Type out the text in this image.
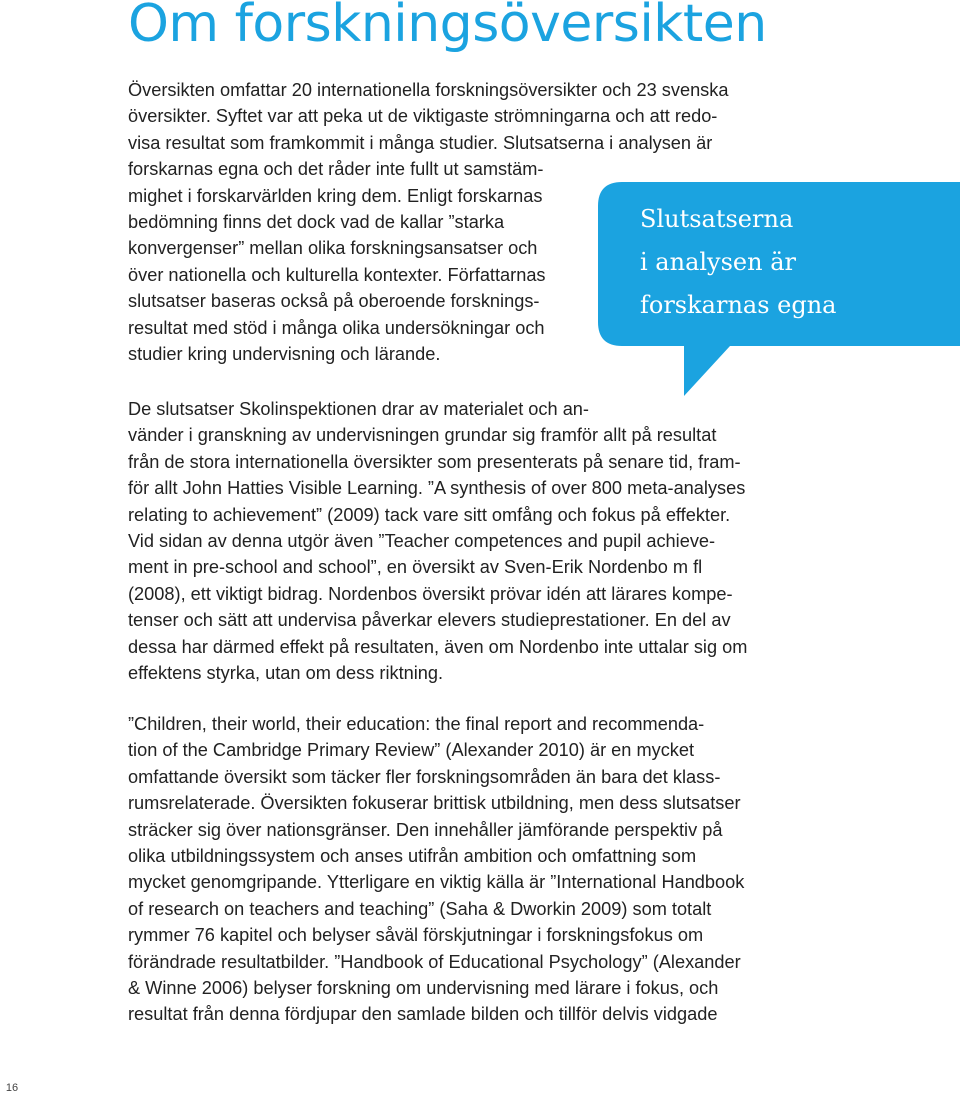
Om forskningsöversikten

Översikten omfattar 20 internationella forskningsöversikter och 23 svenska
översikter. Syftet var att peka ut de viktigaste strömningarna och att redo-
visa resultat som framkommit i många studier. Slutsatserna i analysen är
forskarnas egna och det råder inte fullt ut samstäm-
mighet i forskarvärlden kring dem. Enligt forskarnas
bedömning finns det dock vad de kallar ”starka
konvergenser” mellan olika forskningsansatser och
över nationella och kulturella kontexter. Författarnas
slutsatser baseras också på oberoende forsknings-
resultat med stöd i många olika undersökningar och
studier kring undervisning och lärande.

Slutsatserna
i analysen är
forskarnas egna

De slutsatser Skolinspektionen drar av materialet och an-
vänder i granskning av undervisningen grundar sig framför allt på resultat
från de stora internationella översikter som presenterats på senare tid, fram-
för allt John Hatties Visible Learning. ”A synthesis of over 800 meta-analyses
relating to achievement” (2009) tack vare sitt omfång och fokus på effekter.
Vid sidan av denna utgör även ”Teacher competences and pupil achieve-
ment in pre-school and school”, en översikt av Sven-Erik Nordenbo m fl
(2008), ett viktigt bidrag. Nordenbos översikt prövar idén att lärares kompe-
tenser och sätt att undervisa påverkar elevers studieprestationer. En del av
dessa har därmed effekt på resultaten, även om Nordenbo inte uttalar sig om
effektens styrka, utan om dess riktning.

”Children, their world, their education: the final report and recommenda-
tion of the Cambridge Primary Review” (Alexander 2010) är en mycket
omfattande översikt som täcker fler forskningsområden än bara det klass-
rumsrelaterade. Översikten fokuserar brittisk utbildning, men dess slutsatser
sträcker sig över nationsgränser. Den innehåller jämförande perspektiv på
olika utbildningssystem och anses utifrån ambition och omfattning som
mycket genomgripande. Ytterligare en viktig källa är ”International Handbook
of research on teachers and teaching” (Saha & Dworkin 2009) som totalt
rymmer 76 kapitel och belyser såväl förskjutningar i forskningsfokus om
förändrade resultatbilder. ”Handbook of Educational Psychology” (Alexander
& Winne 2006) belyser forskning om undervisning med lärare i fokus, och
resultat från denna fördjupar den samlade bilden och tillför delvis vidgade

16
